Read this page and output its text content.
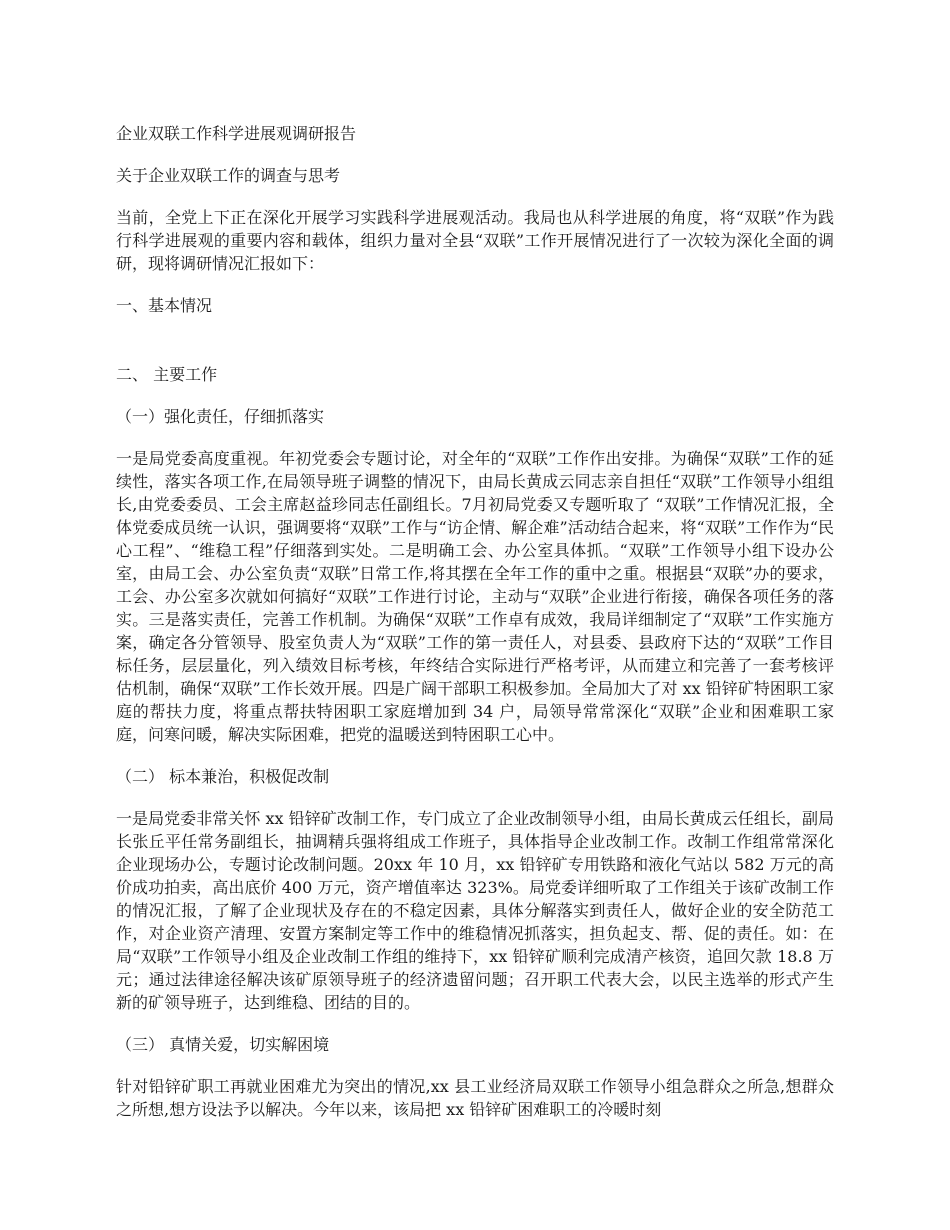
企业双联工作科学进展观调研报告

关于企业双联工作的调查与思考

当前，全党上下正在深化开展学习实践科学进展观活动。我局也从科学进展的角度，将“双联”作为践行科学进展观的重要内容和载体，组织力量对全县“双联”工作开展情况进行了一次较为深化全面的调研，现将调研情况汇报如下：

一、基本情况

二、 主要工作

（一）强化责任，仔细抓落实

一是局党委高度重视。年初党委会专题讨论，对全年的“双联”工作作出安排。为确保“双联”工作的延续性，落实各项工作,在局领导班子调整的情况下，由局长黄成云同志亲自担任“双联”工作领导小组组长,由党委委员、工会主席赵益珍同志任副组长。7月初局党委又专题听取了 “双联”工作情况汇报，全体党委成员统一认识，强调要将“双联”工作与“访企情、解企难”活动结合起来，将“双联”工作作为“民心工程”、“维稳工程”仔细落到实处。二是明确工会、办公室具体抓。“双联”工作领导小组下设办公室，由局工会、办公室负责“双联”日常工作,将其摆在全年工作的重中之重。根据县“双联”办的要求，工会、办公室多次就如何搞好“双联”工作进行讨论，主动与“双联”企业进行衔接，确保各项任务的落实。三是落实责任，完善工作机制。为确保“双联”工作卓有成效，我局详细制定了“双联”工作实施方案，确定各分管领导、股室负责人为“双联”工作的第一责任人，对县委、县政府下达的“双联”工作目标任务，层层量化，列入绩效目标考核，年终结合实际进行严格考评，从而建立和完善了一套考核评估机制，确保“双联”工作长效开展。四是广阔干部职工积极参加。全局加大了对 xx 铅锌矿特困职工家庭的帮扶力度，将重点帮扶特困职工家庭增加到 34 户，局领导常常深化“双联”企业和困难职工家庭，问寒问暖，解决实际困难，把党的温暖送到特困职工心中。

（二） 标本兼治，积极促改制

一是局党委非常关怀 xx 铅锌矿改制工作，专门成立了企业改制领导小组，由局长黄成云任组长，副局长张丘平任常务副组长，抽调精兵强将组成工作班子，具体指导企业改制工作。改制工作组常常深化企业现场办公，专题讨论改制问题。20xx 年 10 月，xx 铅锌矿专用铁路和液化气站以 582 万元的高价成功拍卖，高出底价 400 万元，资产增值率达 323%。局党委详细听取了工作组关于该矿改制工作的情况汇报，了解了企业现状及存在的不稳定因素，具体分解落实到责任人，做好企业的安全防范工作，对企业资产清理、安置方案制定等工作中的维稳情况抓落实，担负起支、帮、促的责任。如：在局“双联”工作领导小组及企业改制工作组的维持下，xx 铅锌矿顺利完成清产核资，追回欠款 18.8 万元；通过法律途径解决该矿原领导班子的经济遗留问题；召开职工代表大会，以民主选举的形式产生新的矿领导班子，达到维稳、团结的目的。

（三） 真情关爱，切实解困境

针对铅锌矿职工再就业困难尤为突出的情况,xx 县工业经济局双联工作领导小组急群众之所急,想群众之所想,想方设法予以解决。今年以来，该局把 xx 铅锌矿困难职工的冷暖时刻
